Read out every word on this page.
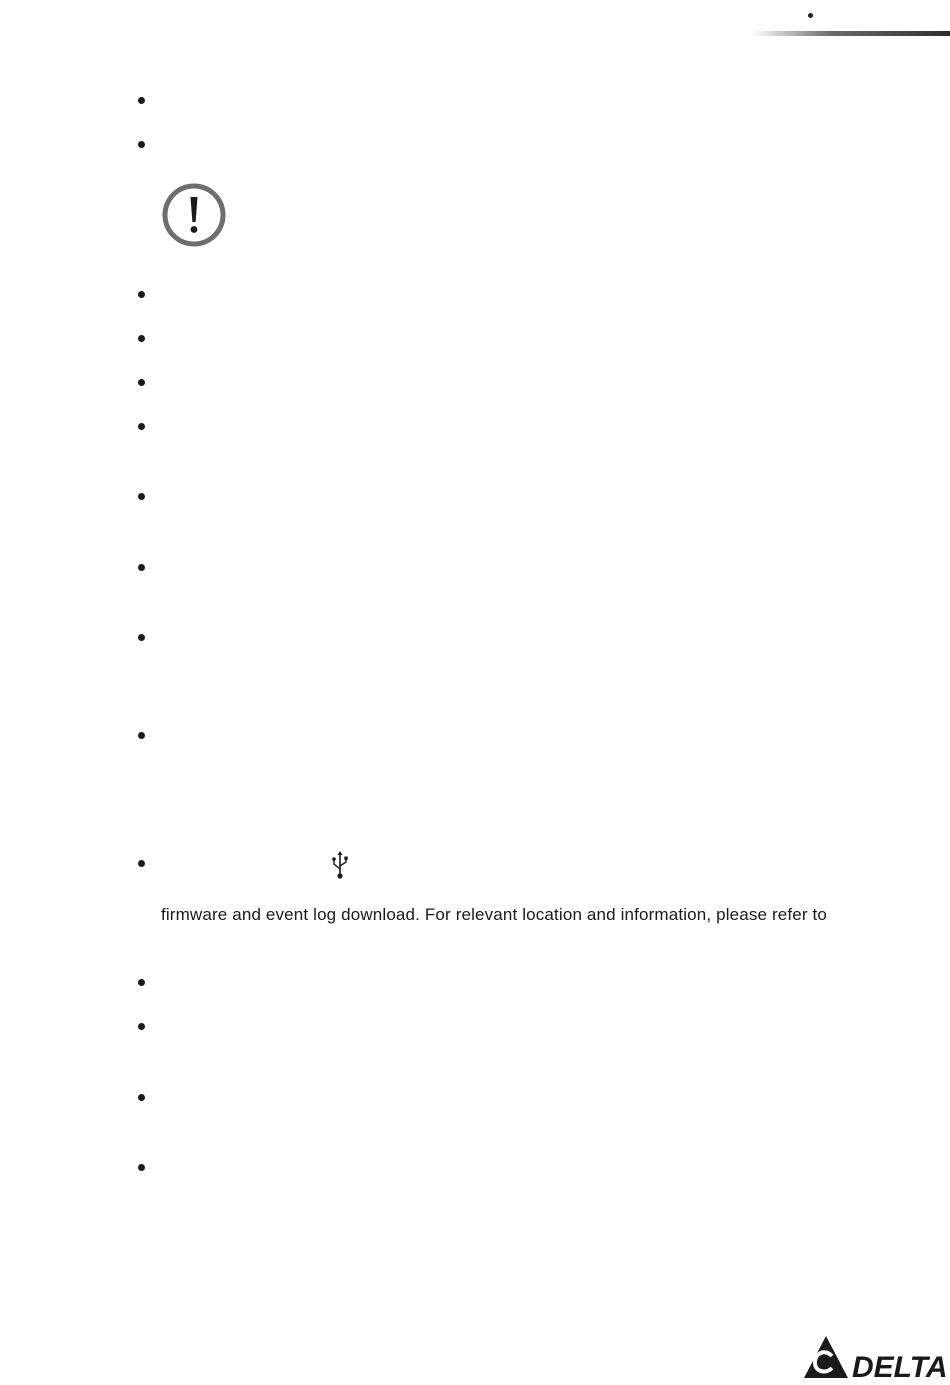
firmware and event log download. For relevant location and information, please refer to
DELTA
